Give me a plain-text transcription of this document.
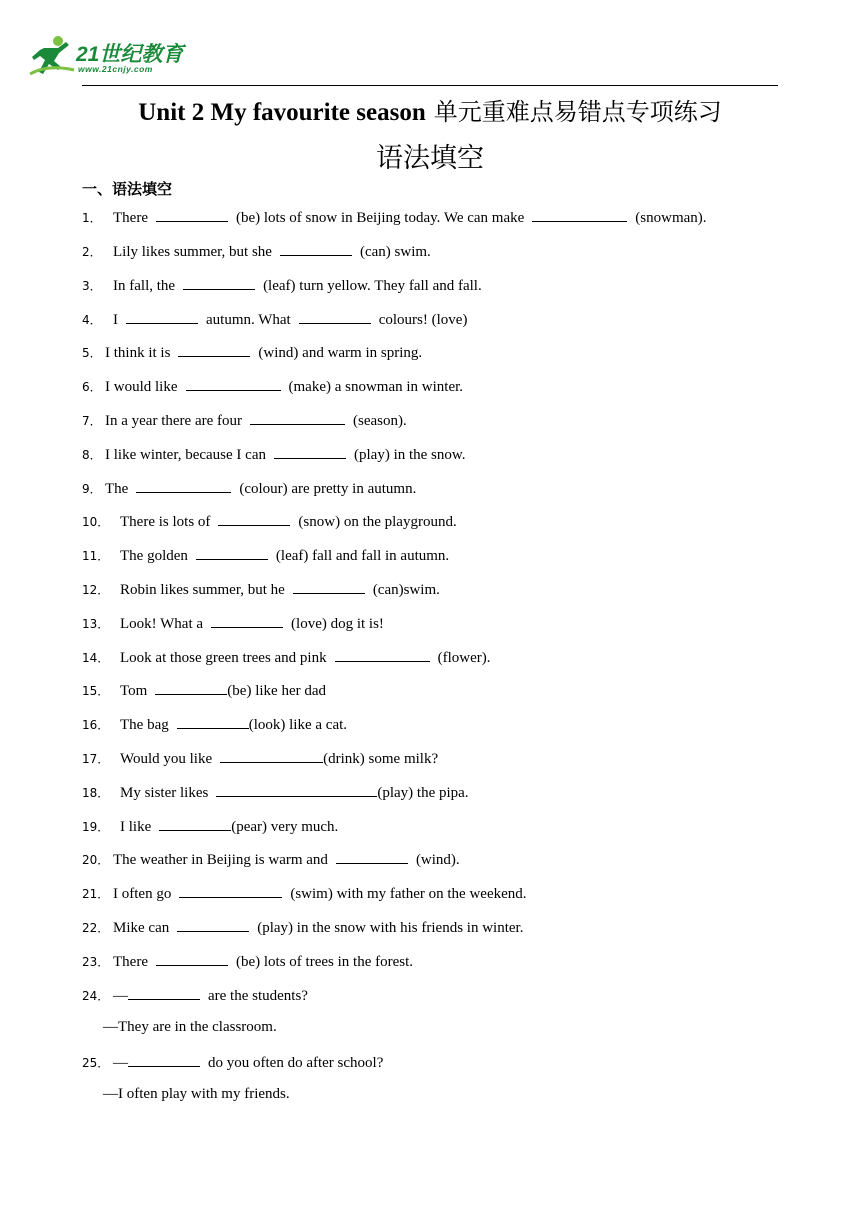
21世纪教育
www.21cnjy.com
Unit 2 My favourite season 单元重难点易错点专项练习
语法填空
一、语法填空
1． There	(be) lots of snow in Beijing today. We can make	(snowman).
2． Lily likes summer, but she	(can) swim.
3． In fall, the	(leaf) turn yellow. They fall and fall.
4． I	autumn. What	colours! (love)
5． I think it is	(wind) and warm in spring.
6． I would like	(make) a snowman in winter.
7． In a year there are four	(season).
8． I like winter, because I can	(play) in the snow.
9． The	(colour) are pretty in autumn.
10． There is lots of	(snow) on the playground.
11． The golden	(leaf) fall and fall in autumn.
12． Robin likes summer, but he	(can)swim.
13． Look! What a	(love) dog it is!
14． Look at those green trees and pink	(flower).
15． Tom	(be) like her dad
16． The bag	(look) like a cat.
17． Would you like	(drink) some milk?
18． My sister likes	(play) the pipa.
19． I like	(pear) very much.
20． The weather in Beijing is warm and	(wind).
21． I often go	(swim) with my father on the weekend.
22． Mike can	(play) in the snow with his friends in winter.
23． There	(be) lots of trees in the forest.
24． —	are the students?
—They are in the classroom.
25． —	do you often do after school?
—I often play with my friends.
